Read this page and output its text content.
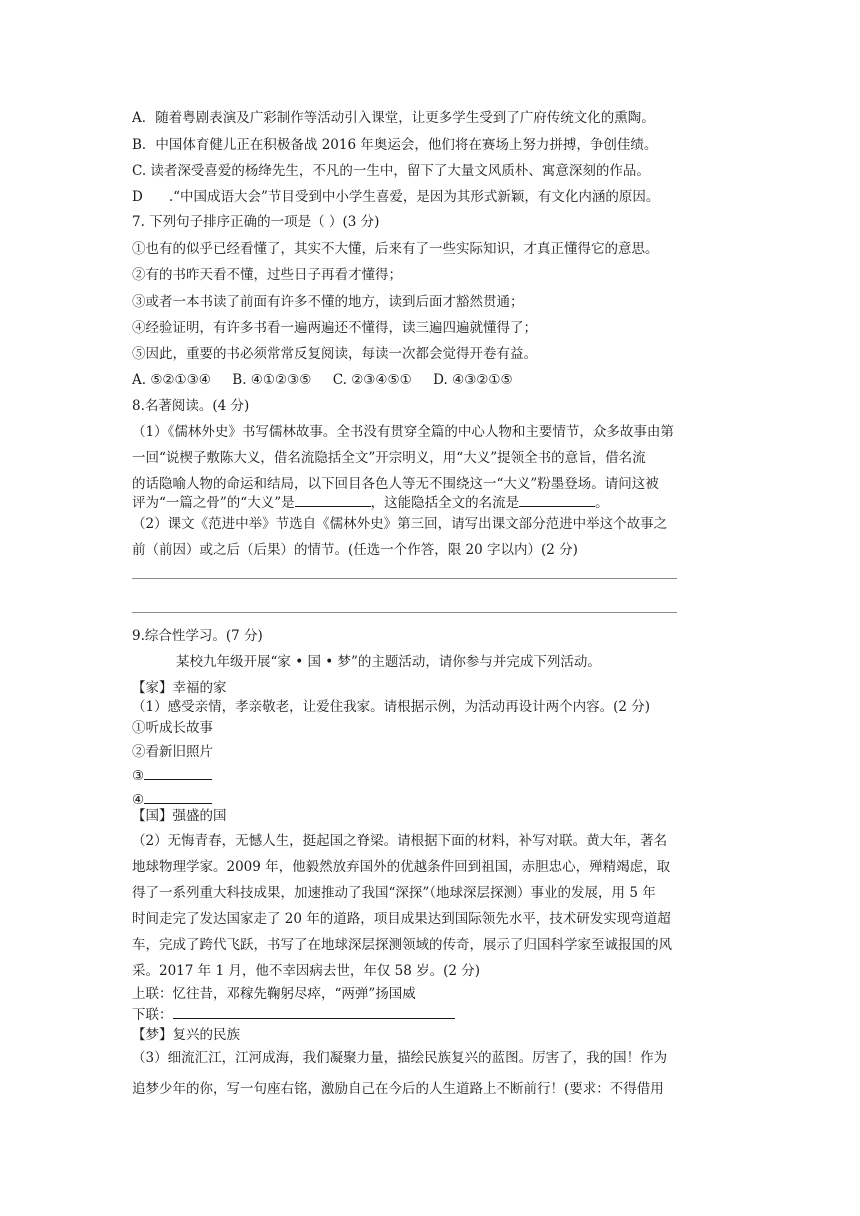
A．随着粤剧表演及广彩制作等活动引入课堂，让更多学生受到了广府传统文化的熏陶。
B．中国体育健儿正在积极备战 2016 年奥运会，他们将在赛场上努力拼搏，争创佳绩。
C. 读者深受喜爱的杨绛先生，不凡的一生中，留下了大量文风质朴、寓意深刻的作品。
D .“中国成语大会”节目受到中小学生喜爱，是因为其形式新颖，有文化内涵的原因。
7. 下列句子排序正确的一项是（ ）(3 分)
①也有的似乎已经看懂了，其实不大懂，后来有了一些实际知识，才真正懂得它的意思。
②有的书昨天看不懂，过些日子再看才懂得；
③或者一本书读了前面有许多不懂的地方，读到后面才豁然贯通；
④经验证明，有许多书看一遍两遍还不懂得，读三遍四遍就懂得了；
⑤因此，重要的书必须常常反复阅读，每读一次都会觉得开卷有益。
A. ⑤②①③④     B. ④①②③⑤     C. ②③④⑤①     D. ④③②①⑤
8.名著阅读。(4 分)
（1）《儒林外史》书写儒林故事。全书没有贯穿全篇的中心人物和主要情节，众多故事由第
一回“说楔子敷陈大义，借名流隐括全文”开宗明义，用“大义”提领全书的意旨，借名流
的话隐喻人物的命运和结局，以下回目各色人等无不围绕这一“大义”粉墨登场。请问这被
评为“一篇之骨”的“大义”是	，这能隐括全文的名流是	。
（2）课文《范进中举》节选自《儒林外史》第三回，请写出课文部分范进中举这个故事之
前（前因）或之后（后果）的情节。(任选一个作答，限 20 字以内）(2 分)
9.综合性学习。(7 分)
某校九年级开展“家 • 国 • 梦”的主题活动，请你参与并完成下列活动。
【家】幸福的家
（1）感受亲情，孝亲敬老，让爱住我家。请根据示例，为活动再设计两个内容。(2 分)
①听成长故事
②看新旧照片
③
④
【国】强盛的国
（2）无悔青春，无憾人生，挺起国之脊梁。请根据下面的材料，补写对联。黄大年，著名
地球物理学家。2009 年，他毅然放弃国外的优越条件回到祖国，赤胆忠心，殚精竭虑，取
得了一系列重大科技成果，加速推动了我国“深探”（地球深层探测）事业的发展，用 5 年
时间走完了发达国家走了 20 年的道路，项目成果达到国际领先水平，技术研发实现弯道超
车，完成了跨代飞跃，书写了在地球深层探测领域的传奇，展示了归国科学家至诚报国的风
采。2017 年 1 月，他不幸因病去世，年仅 58 岁。(2 分)
上联：忆往昔，邓稼先鞠躬尽瘁，“两弹”扬国威
下联：
【梦】复兴的民族
（3）细流汇江，江河成海，我们凝聚力量，描绘民族复兴的蓝图。厉害了，我的国！作为
追梦少年的你，写一句座右铭，激励自己在今后的人生道路上不断前行！(要求：不得借用
